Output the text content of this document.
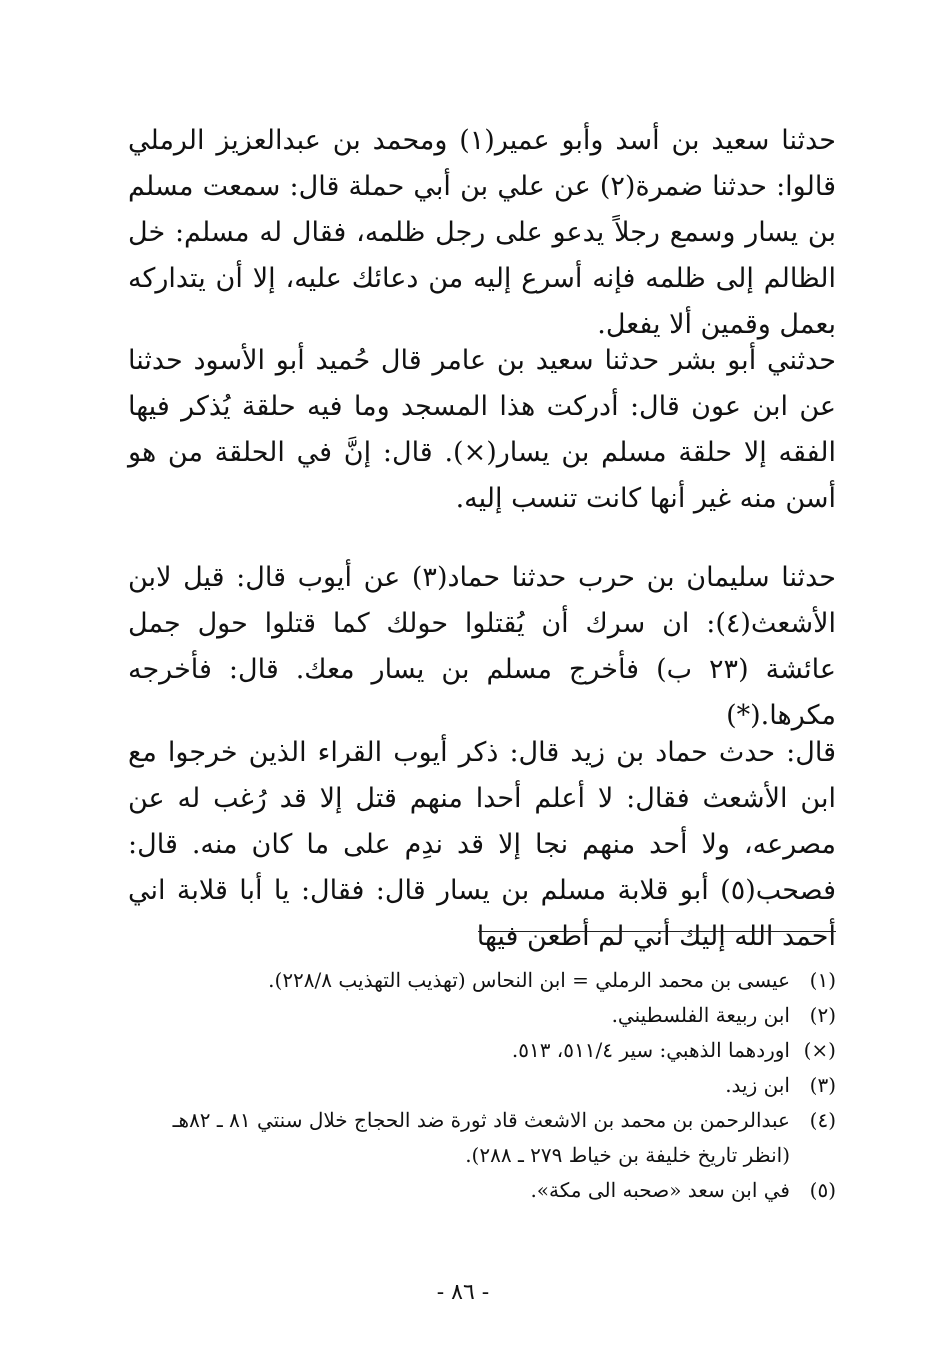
حدثنا سعيد بن أسد وأبو عمير(١) ومحمد بن عبدالعزيز الرملي قالوا: حدثنا ضمرة(٢) عن علي بن أبي حملة قال: سمعت مسلم بن يسار وسمع رجلاً يدعو على رجل ظلمه، فقال له مسلم: خل الظالم إلى ظلمه فإنه أسرع إليه من دعائك عليه، إلا أن يتداركه بعمل وقمين ألا يفعل.

حدثني أبو بشر حدثنا سعيد بن عامر قال حُميد أبو الأسود حدثنا عن ابن عون قال: أدركت هذا المسجد وما فيه حلقة يُذكر فيها الفقه إلا حلقة مسلم بن يسار(×). قال: إنَّ في الحلقة من هو أسن منه غير أنها كانت تنسب إليه.

حدثنا سليمان بن حرب حدثنا حماد(٣) عن أيوب قال: قيل لابن الأشعث(٤): ان سرك أن يُقتلوا حولك كما قتلوا حول جمل عائشة (٢٣ ب) فأخرج مسلم بن يسار معك. قال: فأخرجه مكرها.(*)

قال: حدث حماد بن زيد قال: ذكر أيوب القراء الذين خرجوا مع ابن الأشعث فقال: لا أعلم أحدا منهم قتل إلا قد رُغب له عن مصرعه، ولا أحد منهم نجا إلا قد ندِم على ما كان منه. قال: فصحب(٥) أبو قلابة مسلم بن يسار قال: فقال: يا أبا قلابة اني أحمد الله إليك أني لم أطعن فيها

(١)
عيسى بن محمد الرملي = ابن النحاس (تهذيب التهذيب ٢٢٨/٨).
(٢)
ابن ربيعة الفلسطيني.
(×)
اوردهما الذهبي: سير ٥١١/٤، ٥١٣.
(٣)
ابن زيد.
(٤)
عبدالرحمن بن محمد بن الاشعث قاد ثورة ضد الحجاج خلال سنتي ٨١ ـ ٨٢هـ (انظر تاريخ خليفة بن خياط ٢٧٩ ـ ٢٨٨).
(٥)
في ابن سعد «صحبه الى مكة».
- ٨٦ -
